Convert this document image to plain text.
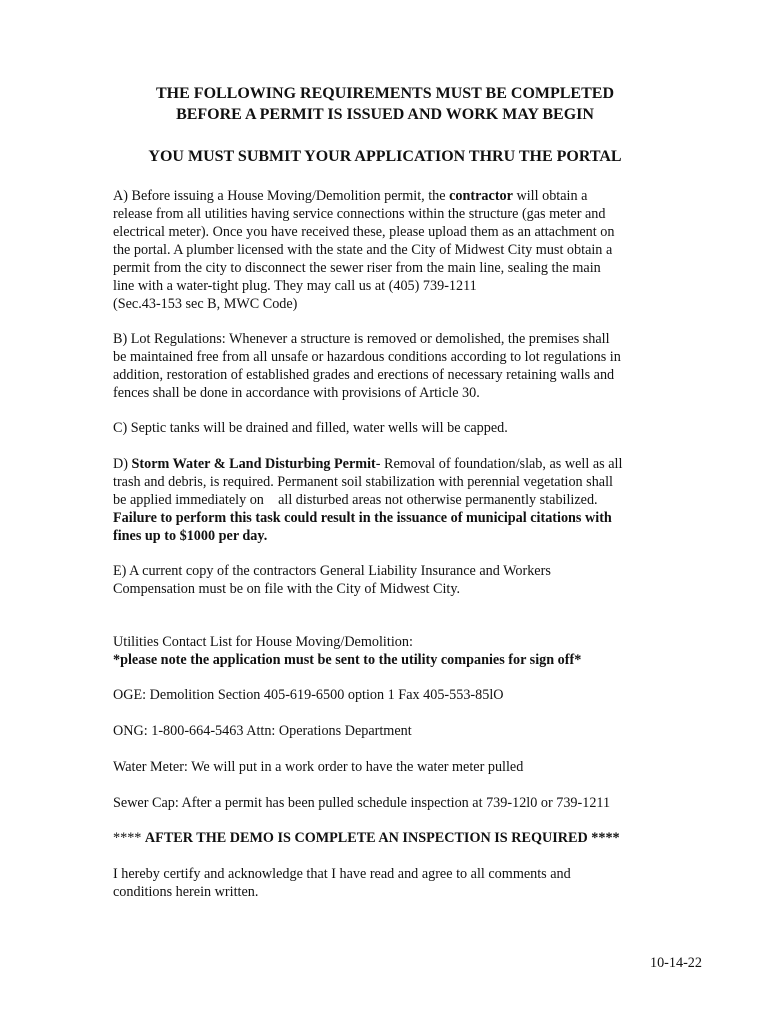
THE FOLLOWING REQUIREMENTS MUST BE COMPLETED
BEFORE A PERMIT IS ISSUED AND WORK MAY BEGIN
YOU MUST SUBMIT YOUR APPLICATION THRU THE PORTAL
A) Before issuing a House Moving/Demolition permit, the contractor will obtain a
release from all utilities having service connections within the structure (gas meter and
electrical meter). Once you have received these, please upload them as an attachment on
the portal. A plumber licensed with the state and the City of Midwest City must obtain a
permit from the city to disconnect the sewer riser from the main line, sealing the main
line with a water-tight plug. They may call us at (405) 739-1211
(Sec.43-153 sec B, MWC Code)
B) Lot Regulations: Whenever a structure is removed or demolished, the premises shall
be maintained free from all unsafe or hazardous conditions according to lot regulations in
addition, restoration of established grades and erections of necessary retaining walls and
fences shall be done in accordance with provisions of Article 30.
C) Septic tanks will be drained and filled, water wells will be capped.
D) Storm Water & Land Disturbing Permit- Removal of foundation/slab, as well as all
trash and debris, is required. Permanent soil stabilization with perennial vegetation shall
be applied immediately on    all disturbed areas not otherwise permanently stabilized.
Failure to perform this task could result in the issuance of municipal citations with
fines up to $1000 per day.
E) A current copy of the contractors General Liability Insurance and Workers
Compensation must be on file with the City of Midwest City.
Utilities Contact List for House Moving/Demolition:
*please note the application must be sent to the utility companies for sign off*
OGE: Demolition Section 405-619-6500 option 1 Fax 405-553-85lO
ONG: 1-800-664-5463 Attn: Operations Department
Water Meter: We will put in a work order to have the water meter pulled
Sewer Cap: After a permit has been pulled schedule inspection at 739-12l0 or 739-1211
**** AFTER THE DEMO IS COMPLETE AN INSPECTION IS REQUIRED ****
I hereby certify and acknowledge that I have read and agree to all comments and
conditions herein written.
10-14-22
